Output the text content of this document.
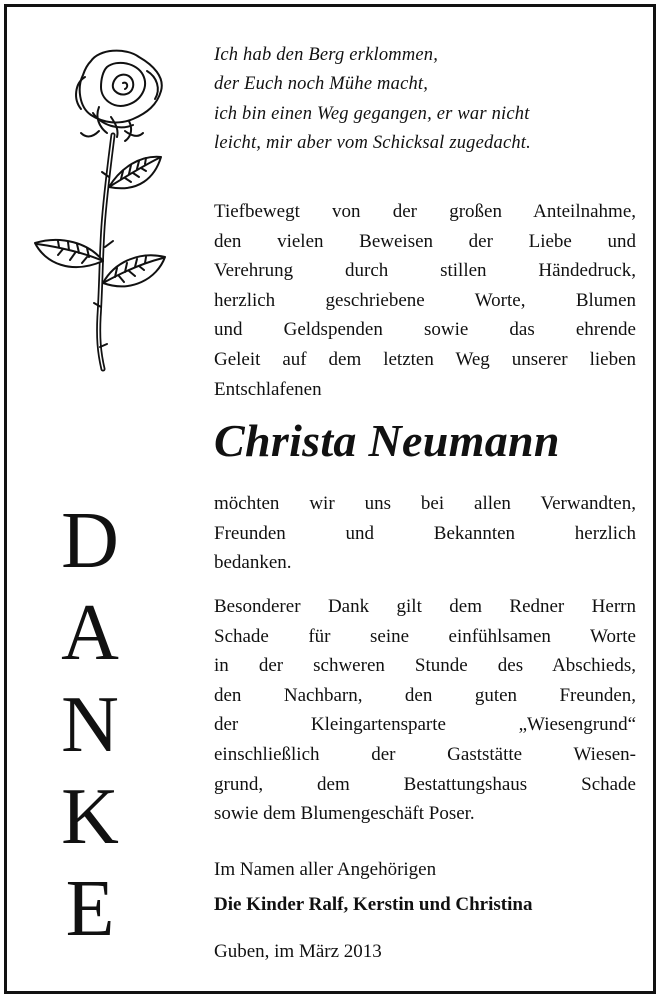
Ich hab den Berg erklommen,
der Euch noch Mühe macht,
ich bin einen Weg gegangen, er war nicht
leicht, mir aber vom Schicksal zugedacht.
Tiefbewegt von der großen Anteilnahme,
den vielen Beweisen der Liebe und
Verehrung durch stillen Händedruck,
herzlich geschriebene Worte, Blumen
und Geldspenden sowie das ehrende
Geleit auf dem letzten Weg unserer lieben
Entschlafenen
Christa Neumann
möchten wir uns bei allen Verwandten,
Freunden und Bekannten herzlich
bedanken.
Besonderer Dank gilt dem Redner Herrn
Schade für seine einfühlsamen Worte
in der schweren Stunde des Abschieds,
den Nachbarn, den guten Freunden,
der Kleingartensparte „Wiesengrund“
einschließlich der Gaststätte Wiesen-
grund, dem Bestattungshaus Schade
sowie dem Blumengeschäft Poser.
D
A
N
K
E	Im Namen aller Angehörigen
Die Kinder Ralf, Kerstin und Christina
Guben, im März 2013
